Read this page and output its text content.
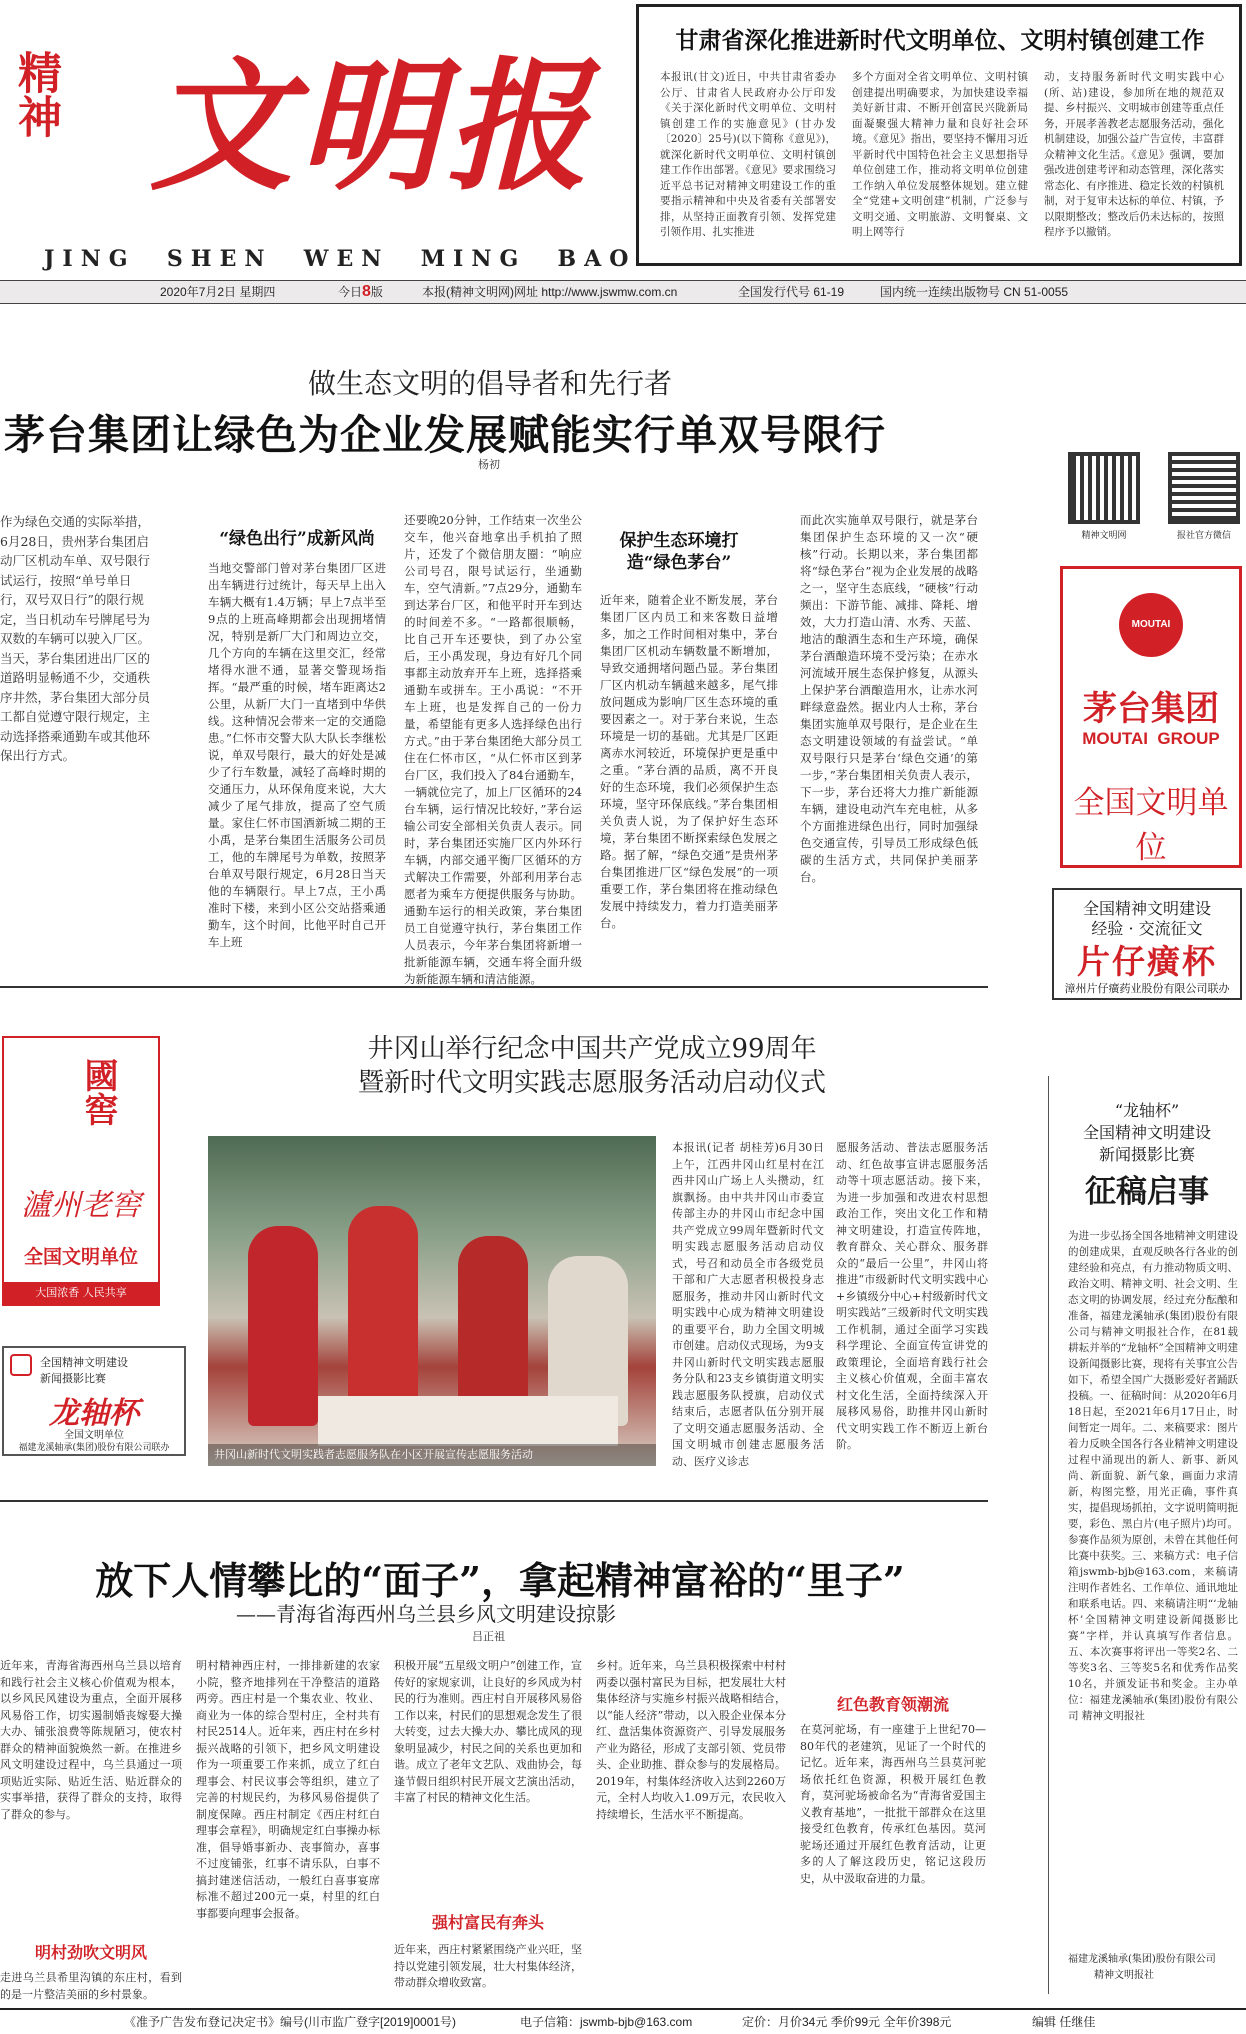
精神 文明报
JING  SHEN  WEN  MING  BAO
甘肃省深化推进新时代文明单位、文明村镇创建工作
本报讯(甘文)近日，中共甘肃省委办公厅、甘肃省人民政府办公厅印发《关于深化新时代文明单位、文明村镇创建工作的实施意见》(甘办发〔2020〕25号)(以下简称《意见》)，就深化新时代文明单位、文明村镇创建工作作出部署。《意见》要求围绕习近平总书记对精神文明建设工作的重要指示精神和中央及省委有关部署安排，从坚持正面教育引领、发挥党建引领作用、扎实推进
多个方面对全省文明单位、文明村镇创建提出明确要求，为加快建设幸福美好新甘肃、不断开创富民兴陇新局面凝聚强大精神力量和良好社会环境。《意见》指出，要坚持不懈用习近平新时代中国特色社会主义思想指导单位创建工作，推动将文明单位创建工作纳入单位发展整体规划。建立健全“党建+文明创建”机制，广泛参与文明交通、文明旅游、文明餐桌、文明上网等行
动，支持服务新时代文明实践中心(所、站)建设，参加所在地的规范双提、乡村振兴、文明城市创建等重点任务，开展孝善教老志愿服务活动，强化机制建设，加强公益广告宣传，丰富群众精神文化生活。《意见》强调，要加强改进创建考评和动态管理，深化落实常态化、有序推进、稳定长效的村镇机制，对于复审未达标的单位、村镇，予以限期整改；整改后仍未达标的，按照程序予以撤销。
2020年7月2日 星期四	今日8版	本报(精神文明网)网址 http://www.jswmw.com.cn	全国发行代号 61-19	国内统一连续出版物号 CN 51-0055
做生态文明的倡导者和先行者
茅台集团让绿色为企业发展赋能实行单双号限行
杨初
作为绿色交通的实际举措，6月28日，贵州茅台集团启动厂区机动车单、双号限行试运行，按照“单号单日行，双号双日行”的限行规定，当日机动车号牌尾号为双数的车辆可以驶入厂区。当天，茅台集团进出厂区的道路明显畅通不少，交通秩序井然，茅台集团大部分员工都自觉遵守限行规定，主动选择搭乘通勤车或其他环保出行方式。
“绿色出行”成新风尚
当地交警部门曾对茅台集团厂区进出车辆进行过统计，每天早上出入车辆大概有1.4万辆；早上7点半至9点的上班高峰期都会出现拥堵情况，特别是新厂大门和周边立交，几个方向的车辆在这里交汇，经常堵得水泄不通，显著交警现场指挥。“最严重的时候，堵车距离达2公里，从新厂大门一直堵到中华供线。这种情况会带来一定的交通隐患。”仁怀市交警大队大队长李继松说，单双号限行，最大的好处是减少了行车数量，减轻了高峰时期的交通压力，从环保角度来说，大大减少了尾气排放，提高了空气质量。家住仁怀市国酒新城二期的王小禹，是茅台集团生活服务公司员工，他的车牌尾号为单数，按照茅台单双号限行规定，6月28日当天他的车辆限行。早上7点，王小禹准时下楼，来到小区公交站搭乘通勤车，这个时间，比他平时自己开车上班
还要晚20分钟，工作结束一次坐公交车，他兴奋地拿出手机拍了照片，还发了个微信朋友圈：“响应公司号召，限号试运行，坐通勤车，空气清新。”7点29分，通勤车到达茅台厂区，和他平时开车到达的时间差不多。“一路都很顺畅，比自己开车还要快，到了办公室后，王小禹发现，身边有好几个同事都主动放弃开车上班，选择搭乘通勤车或拼车。王小禹说：“不开车上班，也是发挥自己的一份力量，希望能有更多人选择绿色出行方式。”由于茅台集团绝大部分员工住在仁怀市区，“从仁怀市区到茅台厂区，我们投入了84台通勤车，一辆就位完了，加上厂区循环的24台车辆，运行情况比较好，”茅台运输公司安全部相关负责人表示。同时，茅台集团还实施厂区内外环行车辆，内部交通平衡厂区循环的方式解决工作需要，外部利用茅台志愿者为乘车方便提供服务与协助。通勤车运行的相关政策，茅台集团员工自觉遵守执行，茅台集团工作人员表示，今年茅台集团将新增一批新能源车辆，交通车将全面升级为新能源车辆和清洁能源。
保护生态环境打造“绿色茅台”
近年来，随着企业不断发展，茅台集团厂区内员工和来客数日益增多，加之工作时间相对集中，茅台集团厂区机动车辆数量不断增加，导致交通拥堵问题凸显。茅台集团厂区内机动车辆越来越多，尾气排放问题成为影响厂区生态环境的重要因素之一。对于茅台来说，生态环境是一切的基础。尤其是厂区距离赤水河较近，环境保护更是重中之重。“茅台酒的品质，离不开良好的生态环境，我们必须保护生态环境，坚守环保底线。”茅台集团相关负责人说，为了保护好生态环境，茅台集团不断探索绿色发展之路。据了解，“绿色交通”是贵州茅台集团推进厂区“绿色发展”的一项重要工作，茅台集团将在推动绿色发展中持续发力，着力打造美丽茅台。
而此次实施单双号限行，就是茅台集团保护生态环境的又一次“硬核”行动。长期以来，茅台集团都将“绿色茅台”视为企业发展的战略之一，坚守生态底线，“硬核”行动频出：下游节能、减排、降耗、增效，大力打造山清、水秀、天蓝、地洁的酿酒生态和生产环境，确保茅台酒酿造环境不受污染；在赤水河流域开展生态保护修复，从源头上保护茅台酒酿造用水，让赤水河畔绿意盎然。据业内人士称，茅台集团实施单双号限行，是企业在生态文明建设领域的有益尝试。“单双号限行只是茅台‘绿色交通’的第一步，”茅台集团相关负责人表示，下一步，茅台还将大力推广新能源车辆，建设电动汽车充电桩，从多个方面推进绿色出行，同时加强绿色交通宣传，引导员工形成绿色低碳的生活方式，共同保护美丽茅台。
精神文明网	报社官方微信
MOUTAI
茅台集团
MOUTAI  GROUP
全国文明单位
全国精神文明建设
经验 · 交流征文
片仔癀杯
漳州片仔癀药业股份有限公司联办
國窖
瀘州老窖
全国文明单位
大国浓香 人民共享
全国精神文明建设
新闻摄影比赛
龙轴杯
全国文明单位
福建龙溪轴承(集团)股份有限公司联办
井冈山举行纪念中国共产党成立99周年
暨新时代文明实践志愿服务活动启动仪式
井冈山新时代文明实践者志愿服务队在小区开展宣传志愿服务活动
本报讯(记者 胡桂芳)6月30日上午，江西井冈山红星村在江西井冈山广场上人头攒动，红旗飘扬。由中共井冈山市委宣传部主办的井冈山市纪念中国共产党成立99周年暨新时代文明实践志愿服务活动启动仪式，号召和动员全市各级党员干部和广大志愿者积极投身志愿服务，推动井冈山新时代文明实践中心成为精神文明建设的重要平台，助力全国文明城市创建。启动仪式现场，为9支井冈山新时代文明实践志愿服务分队和23支乡镇街道文明实践志愿服务队授旗，启动仪式结束后，志愿者队伍分别开展了文明交通志愿服务活动、全国文明城市创建志愿服务活动、医疗义诊志
愿服务活动、普法志愿服务活动、红色故事宣讲志愿服务活动等十项志愿活动。接下来，为进一步加强和改进农村思想政治工作，突出文化工作和精神文明建设，打造宣传阵地，教育群众、关心群众、服务群众的“最后一公里”，井冈山将推进“市级新时代文明实践中心+乡镇级分中心+村级新时代文明实践站”三级新时代文明实践工作机制，通过全面学习实践科学理论、全面宣传宣讲党的政策理论，全面培育践行社会主义核心价值观，全面丰富农村文化生活，全面持续深入开展移风易俗，助推井冈山新时代文明实践工作不断迈上新台阶。
“龙轴杯”
全国精神文明建设
新闻摄影比赛
征稿启事
为进一步弘扬全国各地精神文明建设的创建成果，直观反映各行各业的创建经验和亮点，有力推动物质文明、政治文明、精神文明、社会文明、生态文明的协调发展，经过充分酝酿和准备，福建龙溪轴承(集团)股份有限公司与精神文明报社合作，在81载耕耘并举的“龙轴杯”全国精神文明建设新闻摄影比赛，现将有关事宜公告如下，希望全国广大摄影爱好者踊跃投稿。一、征稿时间：从2020年6月18日起，至2021年6月17日止，时间暂定一周年。二、来稿要求：图片着力反映全国各行各业精神文明建设过程中涌现出的新人、新事、新风尚、新面貌、新气象，画面力求清新，构图完整，用光正确，事件真实，提倡现场抓拍，文字说明简明扼要，彩色、黑白片(电子照片)均可。参赛作品须为原创，未曾在其他任何比赛中获奖。三、来稿方式：电子信箱jswmb-bjb@163.com，来稿请注明作者姓名、工作单位、通讯地址和联系电话。四、来稿请注明“‘龙轴杯’全国精神文明建设新闻摄影比赛”字样，并认真填写作者信息。五、本次赛事将评出一等奖2名、二等奖3名、三等奖5名和优秀作品奖10名，并颁发证书和奖金。主办单位：福建龙溪轴承(集团)股份有限公司 精神文明报社
福建龙溪轴承(集团)股份有限公司
精神文明报社
放下人情攀比的“面子”，拿起精神富裕的“里子”
——青海省海西州乌兰县乡风文明建设掠影
吕正祖
近年来，青海省海西州乌兰县以培育和践行社会主义核心价值观为根本，以乡风民风建设为重点，全面开展移风易俗工作，切实遏制婚丧嫁娶大操大办、铺张浪费等陈规陋习，使农村群众的精神面貌焕然一新。在推进乡风文明建设过程中，乌兰县通过一项项贴近实际、贴近生活、贴近群众的实事举措，获得了群众的支持，取得了群众的参与。
明村劲吹文明风
走进乌兰县希里沟镇的东庄村，看到的是一片整洁美丽的乡村景象。
明村精神西庄村，一排排新建的农家小院，整齐地排列在干净整洁的道路两旁。西庄村是一个集农业、牧业、商业为一体的综合型村庄，全村共有村民2514人。近年来，西庄村在乡村振兴战略的引领下，把乡风文明建设作为一项重要工作来抓，成立了红白理事会、村民议事会等组织，建立了完善的村规民约，为移风易俗提供了制度保障。西庄村制定《西庄村红白理事会章程》，明确规定红白事操办标准，倡导婚事新办、丧事简办，喜事不过度铺张，红事不请乐队，白事不搞封建迷信活动，一般红白喜事宴席标准不超过200元一桌，村里的红白事都要向理事会报备。
积极开展“五星级文明户”创建工作，宣传好的家规家训，让良好的乡风成为村民的行为准则。西庄村自开展移风易俗工作以来，村民们的思想观念发生了很大转变，过去大操大办、攀比成风的现象明显减少，村民之间的关系也更加和谐。成立了老年文艺队、戏曲协会，每逢节假日组织村民开展文艺演出活动，丰富了村民的精神文化生活。
强村富民有奔头
近年来，西庄村紧紧围绕产业兴旺，坚持以党建引领发展，壮大村集体经济，带动群众增收致富。
乡村。近年来，乌兰县积极探索中村村两委以强村富民为目标，把发展壮大村集体经济与实施乡村振兴战略相结合，以“能人经济”带动，以入股企业保本分红、盘活集体资源资产、引导发展服务产业为路径，形成了支部引领、党员带头、企业助推、群众参与的发展格局。2019年，村集体经济收入达到2260万元，全村人均收入1.09万元，农民收入持续增长，生活水平不断提高。
红色教育领潮流
在莫河驼场，有一座建于上世纪70—80年代的老建筑，见证了一个时代的记忆。近年来，海西州乌兰县莫河驼场依托红色资源，积极开展红色教育，莫河驼场被命名为“青海省爱国主义教育基地”，一批批干部群众在这里接受红色教育，传承红色基因。莫河驼场还通过开展红色教育活动，让更多的人了解这段历史，铭记这段历史，从中汲取奋进的力量。
《准予广告发布登记决定书》编号(川市监广登字[2019]0001号)	电子信箱：jswmb-bjb@163.com	定价：月价34元 季价99元 全年价398元	编辑 任继佳
